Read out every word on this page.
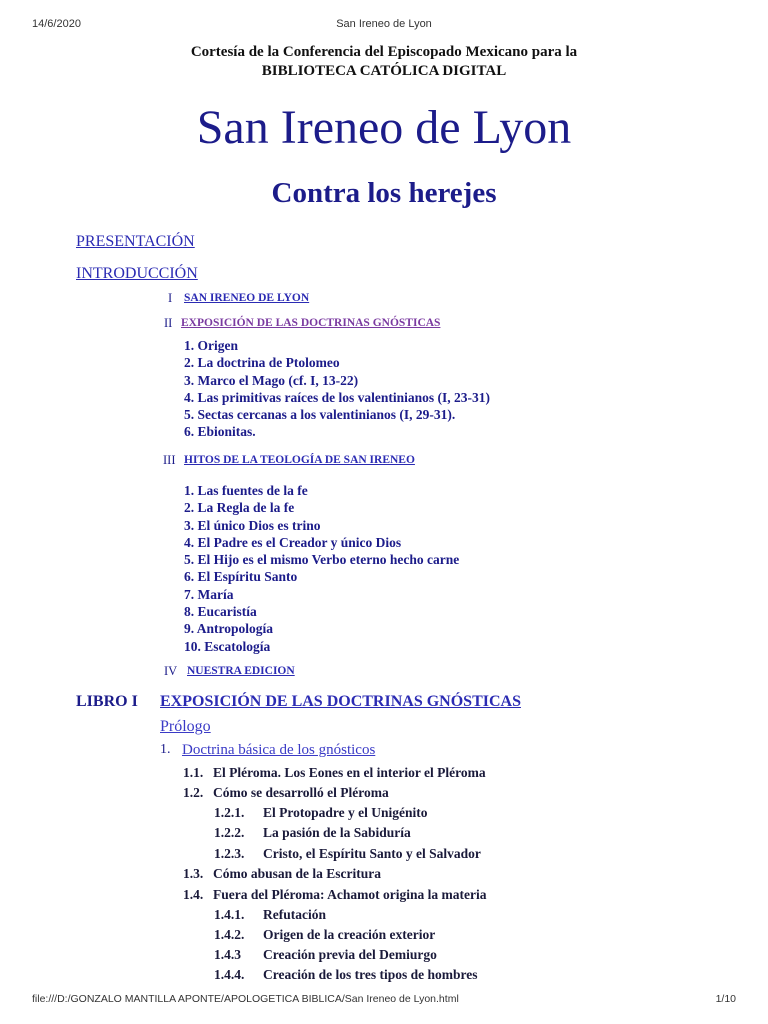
14/6/2020	San Ireneo de Lyon
file:///D:/GONZALO MANTILLA APONTE/APOLOGETICA BIBLICA/San Ireneo de Lyon.html	1/10
Cortesía de la Conferencia del Episcopado Mexicano para la
BIBLIOTECA CATÓLICA DIGITAL
San Ireneo de Lyon
Contra los herejes
PRESENTACIÓN
INTRODUCCIÓN
I SAN IRENEO DE LYON
II EXPOSICIÓN DE LAS DOCTRINAS GNÓSTICAS
1. Origen
2. La doctrina de Ptolomeo
3. Marco el Mago (cf. I, 13-22)
4. Las primitivas raíces de los valentinianos (I, 23-31)
5. Sectas cercanas a los valentinianos (I, 29-31).
6. Ebionitas.
III HITOS DE LA TEOLOGÍA DE SAN IRENEO
1. Las fuentes de la fe
2. La Regla de la fe
3. El único Dios es trino
4. El Padre es el Creador y único Dios
5. El Hijo es el mismo Verbo eterno hecho carne
6. El Espíritu Santo
7. María
8. Eucaristía
9. Antropología
10. Escatología
IV NUESTRA EDICION
LIBRO I EXPOSICIÓN DE LAS DOCTRINAS GNÓSTICAS
Prólogo
1. Doctrina básica de los gnósticos
1.1. El Pléroma. Los Eones en el interior el Pléroma
1.2. Cómo se desarrolló el Pléroma
1.2.1. El Protopadre y el Unigénito
1.2.2. La pasión de la Sabiduría
1.2.3. Cristo, el Espíritu Santo y el Salvador
1.3. Cómo abusan de la Escritura
1.4. Fuera del Pléroma: Achamot origina la materia
1.4.1. Refutación
1.4.2. Origen de la creación exterior
1.4.3 Creación previa del Demiurgo
1.4.4. Creación de los tres tipos de hombres
